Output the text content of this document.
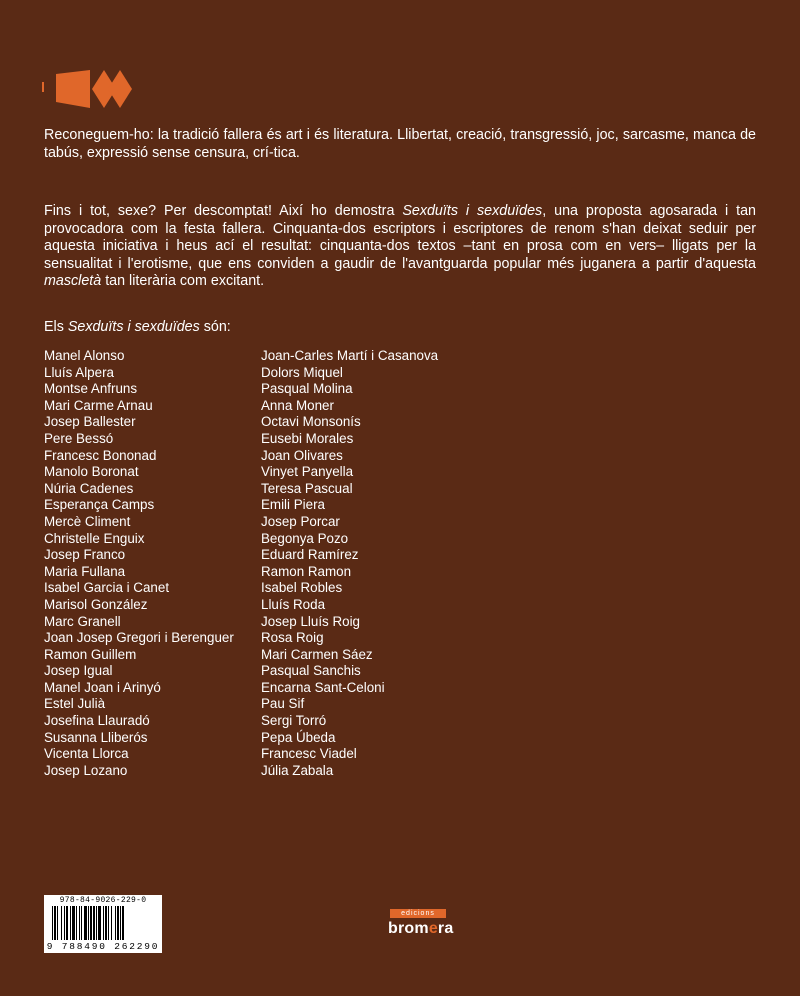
Reconeguem-ho: la tradició fallera és art i és literatura. Llibertat, creació, transgressió, joc, sarcasme, manca de tabús, expressió sense censura, crí-tica.

Fins i tot, sexe? Per descomptat! Així ho demostra Sexduïts i sexduïdes, una proposta agosarada i tan provocadora com la festa fallera. Cinquanta-dos escriptors i escriptores de renom s'han deixat seduir per aquesta iniciativa i heus ací el resultat: cinquanta-dos textos –tant en prosa com en vers– lligats per la sensualitat i l'erotisme, que ens conviden a gaudir de l'avantguarda popular més juganera a partir d'aquesta mascletà tan literària com excitant.

Els Sexduïts i sexduïdes són:

Manel Alonso
Lluís Alpera
Montse Anfruns
Mari Carme Arnau
Josep Ballester
Pere Bessó
Francesc Bononad
Manolo Boronat
Núria Cadenes
Esperança Camps
Mercè Climent
Christelle Enguix
Josep Franco
Maria Fullana
Isabel Garcia i Canet
Marisol González
Marc Granell
Joan Josep Gregori i Berenguer
Ramon Guillem
Josep Igual
Manel Joan i Arinyó
Estel Julià
Josefina Llauradó
Susanna Lliberós
Vicenta Llorca
Josep Lozano
Joan-Carles Martí i Casanova
Dolors Miquel
Pasqual Molina
Anna Moner
Octavi Monsonís
Eusebi Morales
Joan Olivares
Vinyet Panyella
Teresa Pascual
Emili Piera
Josep Porcar
Begonya Pozo
Eduard Ramírez
Ramon Ramon
Isabel Robles
Lluís Roda
Josep Lluís Roig
Rosa Roig
Mari Carmen Sáez
Pasqual Sanchis
Encarna Sant-Celoni
Pau Sif
Sergi Torró
Pepa Úbeda
Francesc Viadel
Júlia Zabala
978-84-9026-229-0
9 788490 262290
edicions
bromera
